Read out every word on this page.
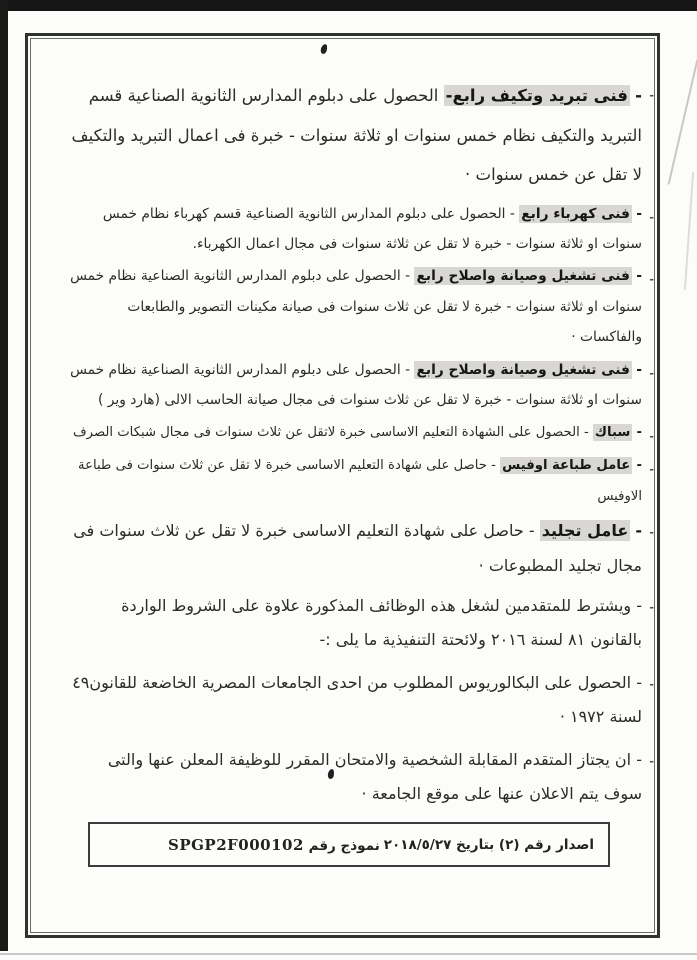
-
- فنى تبريد وتكيف رابع- الحصول على دبلوم المدارس الثانوية الصناعية قسم التبريد والتكيف نظام خمس سنوات او ثلاثة سنوات - خبرة فى اعمال التبريد والتكيف لا تقل عن خمس سنوات ·

-
- فنى كهرباء رابع - الحصول على دبلوم المدارس الثانوية الصناعية قسم كهرباء نظام خمس سنوات او ثلاثة سنوات - خبرة لا تقل عن ثلاثة سنوات فى مجال اعمال الكهرباء.

-
- فنى تشغيل وصيانة واصلاح رابع - الحصول على دبلوم المدارس الثانوية الصناعية نظام خمس سنوات او ثلاثة سنوات - خبرة لا تقل عن ثلاث سنوات فى صيانة مكينات التصوير والطابعات والفاكسات ·

-
- فنى تشغيل وصيانة واصلاح رابع - الحصول على دبلوم المدارس الثانوية الصناعية نظام خمس سنوات او ثلاثة سنوات - خبرة لا تقل عن ثلاث سنوات فى مجال صيانة الحاسب الالى (هارد وير )

-
- سباك - الحصول على الشهادة التعليم الاساسى خبرة لاتقل عن ثلاث سنوات فى مجال شبكات الصرف

-
- عامل طباعة اوفيس - حاصل على شهادة التعليم الاساسى خبرة لا تقل عن ثلاث سنوات فى طباعة الاوفيس

-
- عامل تجليد - حاصل على شهادة التعليم الاساسى خبرة لا تقل عن ثلاث سنوات فى مجال تجليد المطبوعات ·

-
- ويشترط للمتقدمين لشغل هذه الوظائف المذكورة علاوة على الشروط الواردة بالقانون ٨١ لسنة ٢٠١٦ ولائحتة التنفيذية ما يلى :-

-
- الحصول على البكالوريوس المطلوب من احدى الجامعات المصرية الخاضعة للقانون٤٩ لسنة ١٩٧٢ ·

-
- ان يجتاز المتقدم المقابلة الشخصية والامتحان المقرر للوظيفة المعلن عنها والتى سوف يتم الاعلان عنها على موقع الجامعة ·

اصدار رقم (٢) بتاريخ ٢٠١٨/٥/٢٧
نموذج رقم SPGP2F000102
